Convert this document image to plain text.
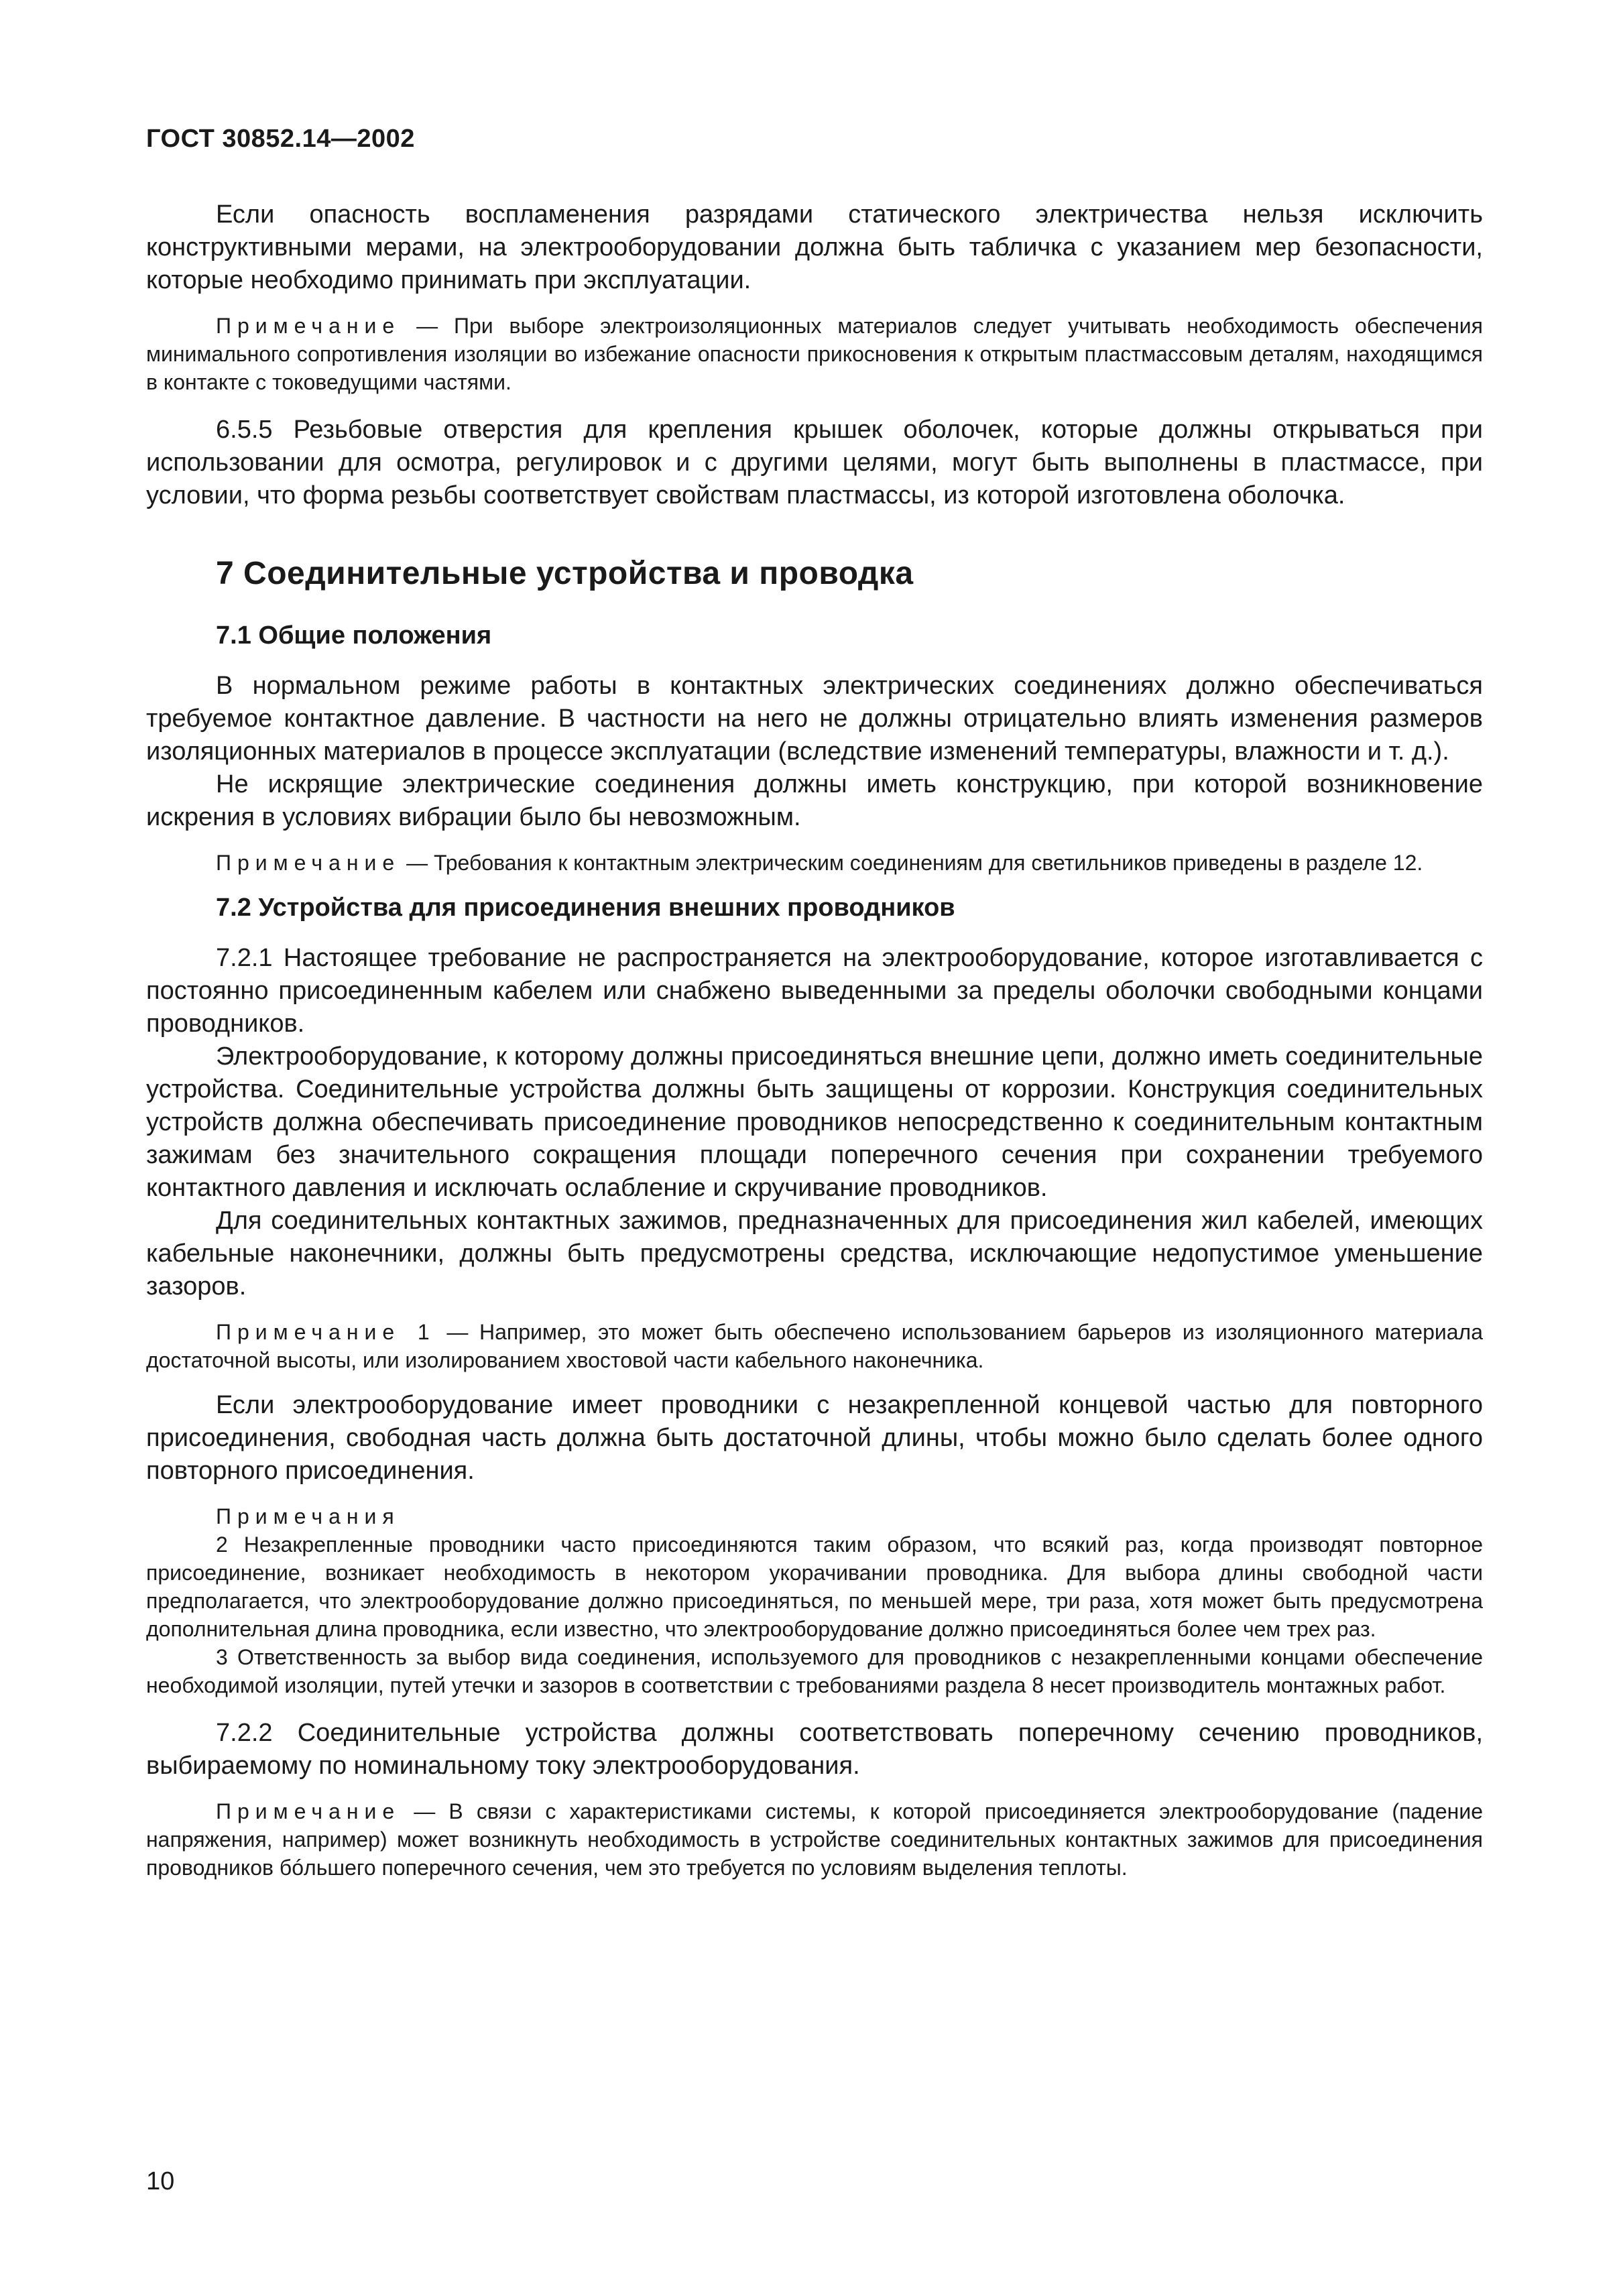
ГОСТ 30852.14—2002

Если опасность воспламенения разрядами статического электричества нельзя исключить конструктивными мерами, на электрооборудовании должна быть табличка с указанием мер безопасности, которые необходимо принимать при эксплуатации.

Примечание — При выборе электроизоляционных материалов следует учитывать необходимость обеспечения минимального сопротивления изоляции во избежание опасности прикосновения к открытым пластмассовым деталям, находящимся в контакте с токоведущими частями.

6.5.5 Резьбовые отверстия для крепления крышек оболочек, которые должны открываться при использовании для осмотра, регулировок и с другими целями, могут быть выполнены в пластмассе, при условии, что форма резьбы соответствует свойствам пластмассы, из которой изготовлена оболочка.

7 Соединительные устройства и проводка
7.1 Общие положения

В нормальном режиме работы в контактных электрических соединениях должно обеспечиваться требуемое контактное давление. В частности на него не должны отрицательно влиять изменения размеров изоляционных материалов в процессе эксплуатации (вследствие изменений температуры, влажности и т. д.).

Не искрящие электрические соединения должны иметь конструкцию, при которой возникновение искрения в условиях вибрации было бы невозможным.

Примечание — Требования к контактным электрическим соединениям для светильников приведены в разделе 12.

7.2 Устройства для присоединения внешних проводников

7.2.1 Настоящее требование не распространяется на электрооборудование, которое изготавливается с постоянно присоединенным кабелем или снабжено выведенными за пределы оболочки свободными концами проводников.

Электрооборудование, к которому должны присоединяться внешние цепи, должно иметь соединительные устройства. Соединительные устройства должны быть защищены от коррозии. Конструкция соединительных устройств должна обеспечивать присоединение проводников непосредственно к соединительным контактным зажимам без значительного сокращения площади поперечного сечения при сохранении требуемого контактного давления и исключать ослабление и скручивание проводников.

Для соединительных контактных зажимов, предназначенных для присоединения жил кабелей, имеющих кабельные наконечники, должны быть предусмотрены средства, исключающие недопустимое уменьшение зазоров.

Примечание 1 — Например, это может быть обеспечено использованием барьеров из изоляционного материала достаточной высоты, или изолированием хвостовой части кабельного наконечника.

Если электрооборудование имеет проводники с незакрепленной концевой частью для повторного присоединения, свободная часть должна быть достаточной длины, чтобы можно было сделать более одного повторного присоединения.

Примечания

2 Незакрепленные проводники часто присоединяются таким образом, что всякий раз, когда производят повторное присоединение, возникает необходимость в некотором укорачивании проводника. Для выбора длины свободной части предполагается, что электрооборудование должно присоединяться, по меньшей мере, три раза, хотя может быть предусмотрена дополнительная длина проводника, если известно, что электрооборудование должно присоединяться более чем трех раз.

3 Ответственность за выбор вида соединения, используемого для проводников с незакрепленными концами обеспечение необходимой изоляции, путей утечки и зазоров в соответствии с требованиями раздела 8 несет производитель монтажных работ.

7.2.2 Соединительные устройства должны соответствовать поперечному сечению проводников, выбираемому по номинальному току электрооборудования.

Примечание — В связи с характеристиками системы, к которой присоединяется электрооборудование (падение напряжения, например) может возникнуть необходимость в устройстве соединительных контактных зажимов для присоединения проводников бóльшего поперечного сечения, чем это требуется по условиям выделения теплоты.

10
